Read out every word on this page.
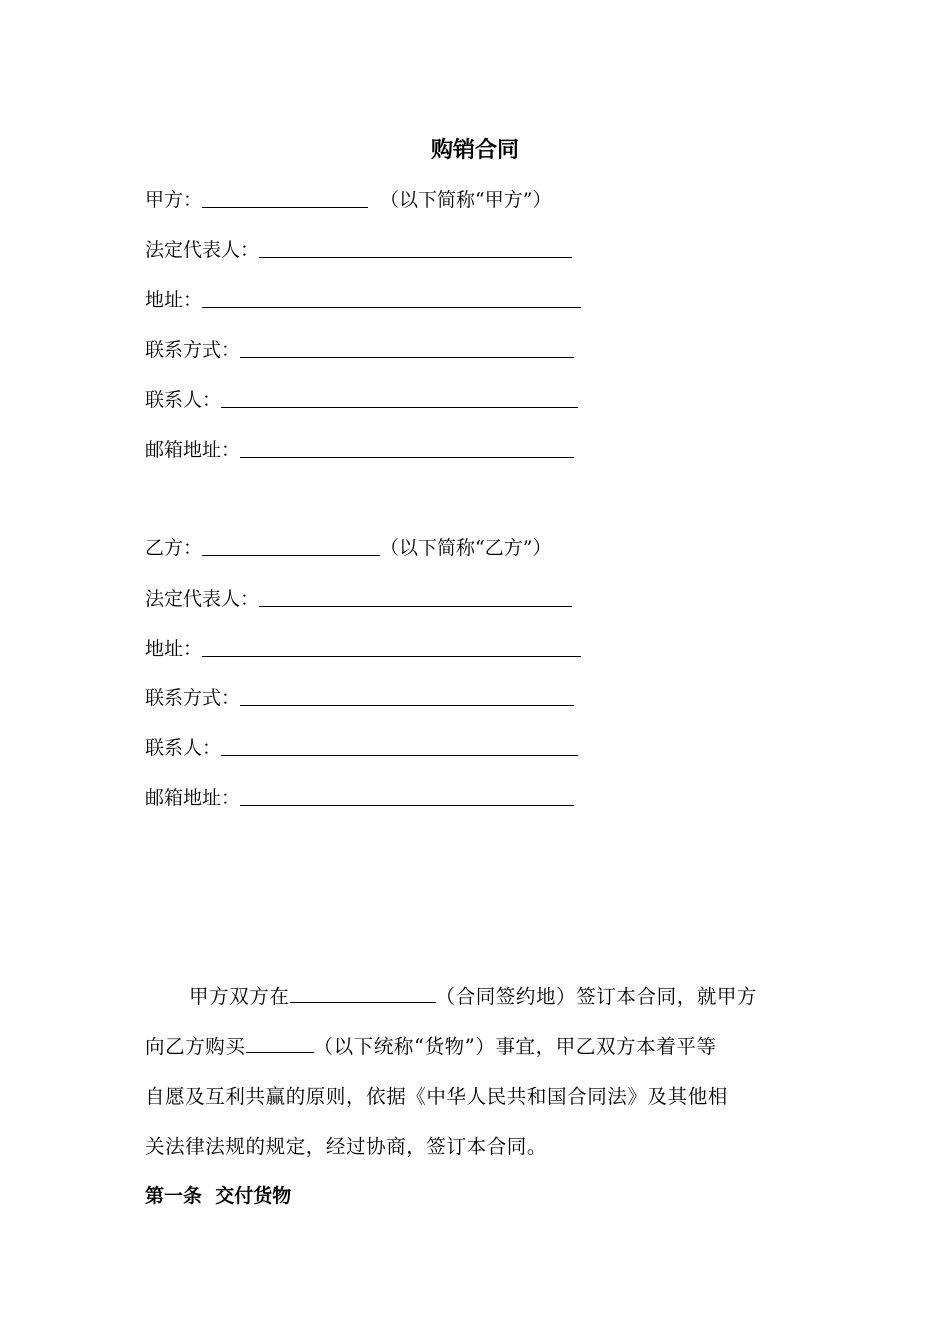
购销合同
甲方：	（以下简称“甲方”）
法定代表人：
地址：
联系方式：
联系人：
邮箱地址：
乙方：	（以下简称“乙方”）
法定代表人：
地址：
联系方式：
联系人：
邮箱地址：
甲方双方在	（合同签约地）签订本合同，就甲方
向乙方购买	（以下统称“货物”）事宜，甲乙双方本着平等
自愿及互利共赢的原则，依据《中华人民共和国合同法》及其他相
关法律法规的规定，经过协商，签订本合同。
第一条  交付货物
